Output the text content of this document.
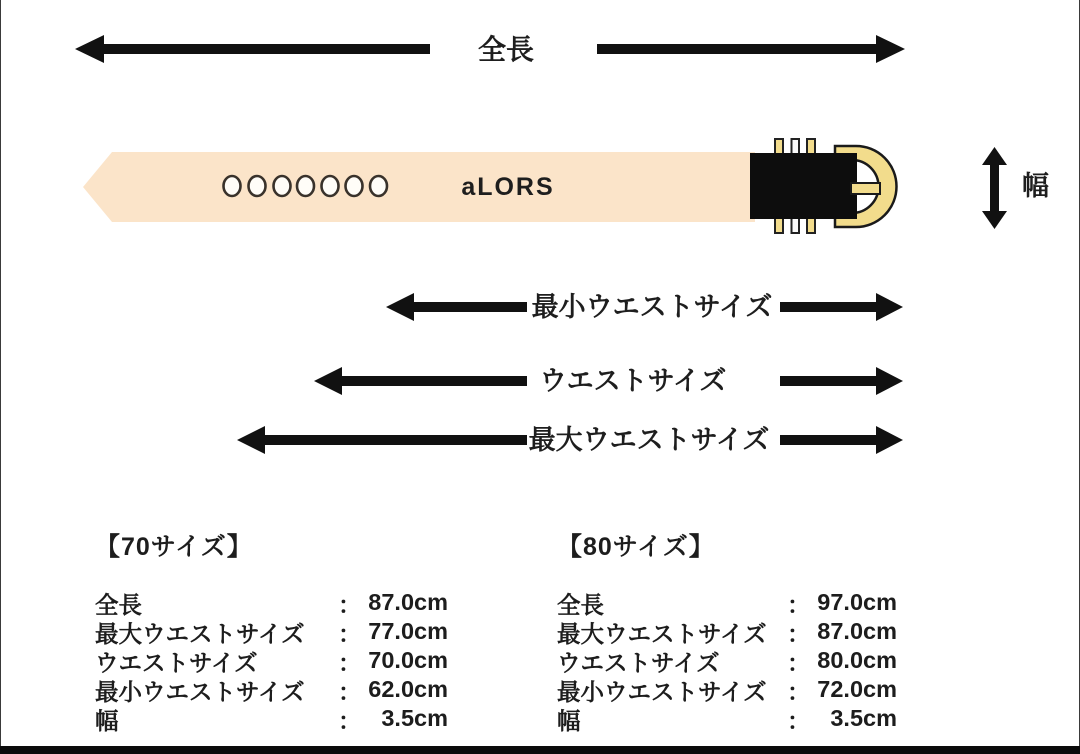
全長
aLORS	幅
最小ウエストサイズ
ウエストサイズ
最大ウエストサイズ
【70サイズ】
全長	： 87.0cm
最大ウエストサイズ	： 77.0cm
ウエストサイズ	： 70.0cm
最小ウエストサイズ	： 62.0cm
幅	： 3.5cm
【80サイズ】
全長	： 97.0cm
最大ウエストサイズ ： 87.0cm
ウエストサイズ	： 80.0cm
最小ウエストサイズ ： 72.0cm
幅	： 3.5cm
